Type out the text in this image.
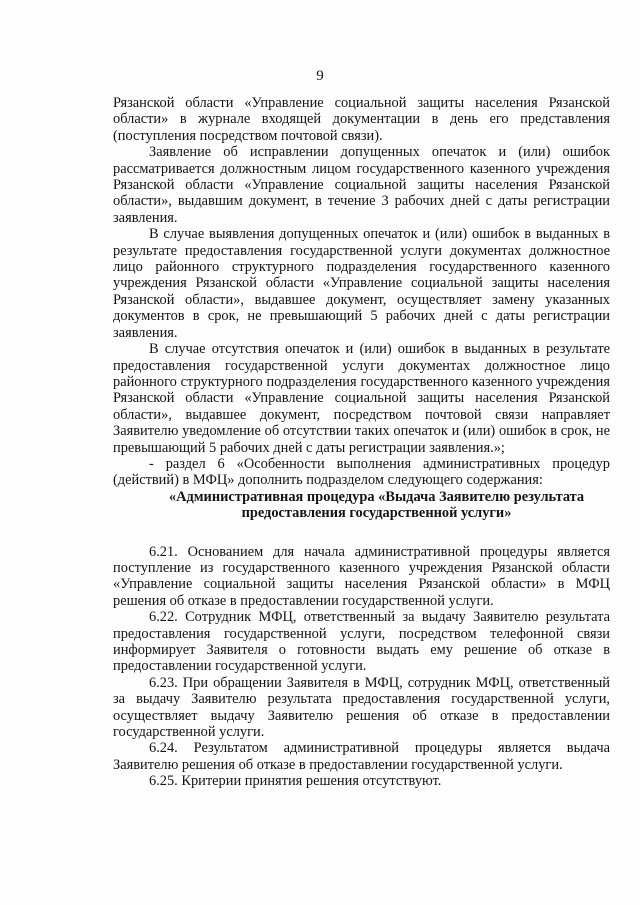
9

Рязанской области «Управление социальной защиты населения Рязанской области» в журнале входящей документации в день его представления (поступления посредством почтовой связи).

Заявление об исправлении допущенных опечаток и (или) ошибок рассматривается должностным лицом государственного казенного учреждения Рязанской области «Управление социальной защиты населения Рязанской области», выдавшим документ, в течение 3 рабочих дней с даты регистрации заявления.

В случае выявления допущенных опечаток и (или) ошибок в выданных в результате предоставления государственной услуги документах должностное лицо районного структурного подразделения государственного казенного учреждения Рязанской области «Управление социальной защиты населения Рязанской области», выдавшее документ, осуществляет замену указанных документов в срок, не превышающий 5 рабочих дней с даты регистрации заявления.

В случае отсутствия опечаток и (или) ошибок в выданных в результате предоставления государственной услуги документах должностное лицо районного структурного подразделения государственного казенного учреждения Рязанской области «Управление социальной защиты населения Рязанской области», выдавшее документ, посредством почтовой связи направляет Заявителю уведомление об отсутствии таких опечаток и (или) ошибок в срок, не превышающий 5 рабочих дней с даты регистрации заявления.»;

- раздел 6 «Особенности выполнения административных процедур (действий) в МФЦ» дополнить подразделом следующего содержания:

«Административная процедура «Выдача Заявителю результата

предоставления государственной услуги»

6.21. Основанием для начала административной процедуры является поступление из государственного казенного учреждения Рязанской области «Управление социальной защиты населения Рязанской области» в МФЦ решения об отказе в предоставлении государственной услуги.

6.22. Сотрудник МФЦ, ответственный за выдачу Заявителю результата предоставления государственной услуги, посредством телефонной связи информирует Заявителя о готовности выдать ему решение об отказе в предоставлении государственной услуги.

6.23. При обращении Заявителя в МФЦ, сотрудник МФЦ, ответственный за выдачу Заявителю результата предоставления государственной услуги, осуществляет выдачу Заявителю решения об отказе в предоставлении государственной услуги.

6.24. Результатом административной процедуры является выдача Заявителю решения об отказе в предоставлении государственной услуги.

6.25. Критерии принятия решения отсутствуют.
